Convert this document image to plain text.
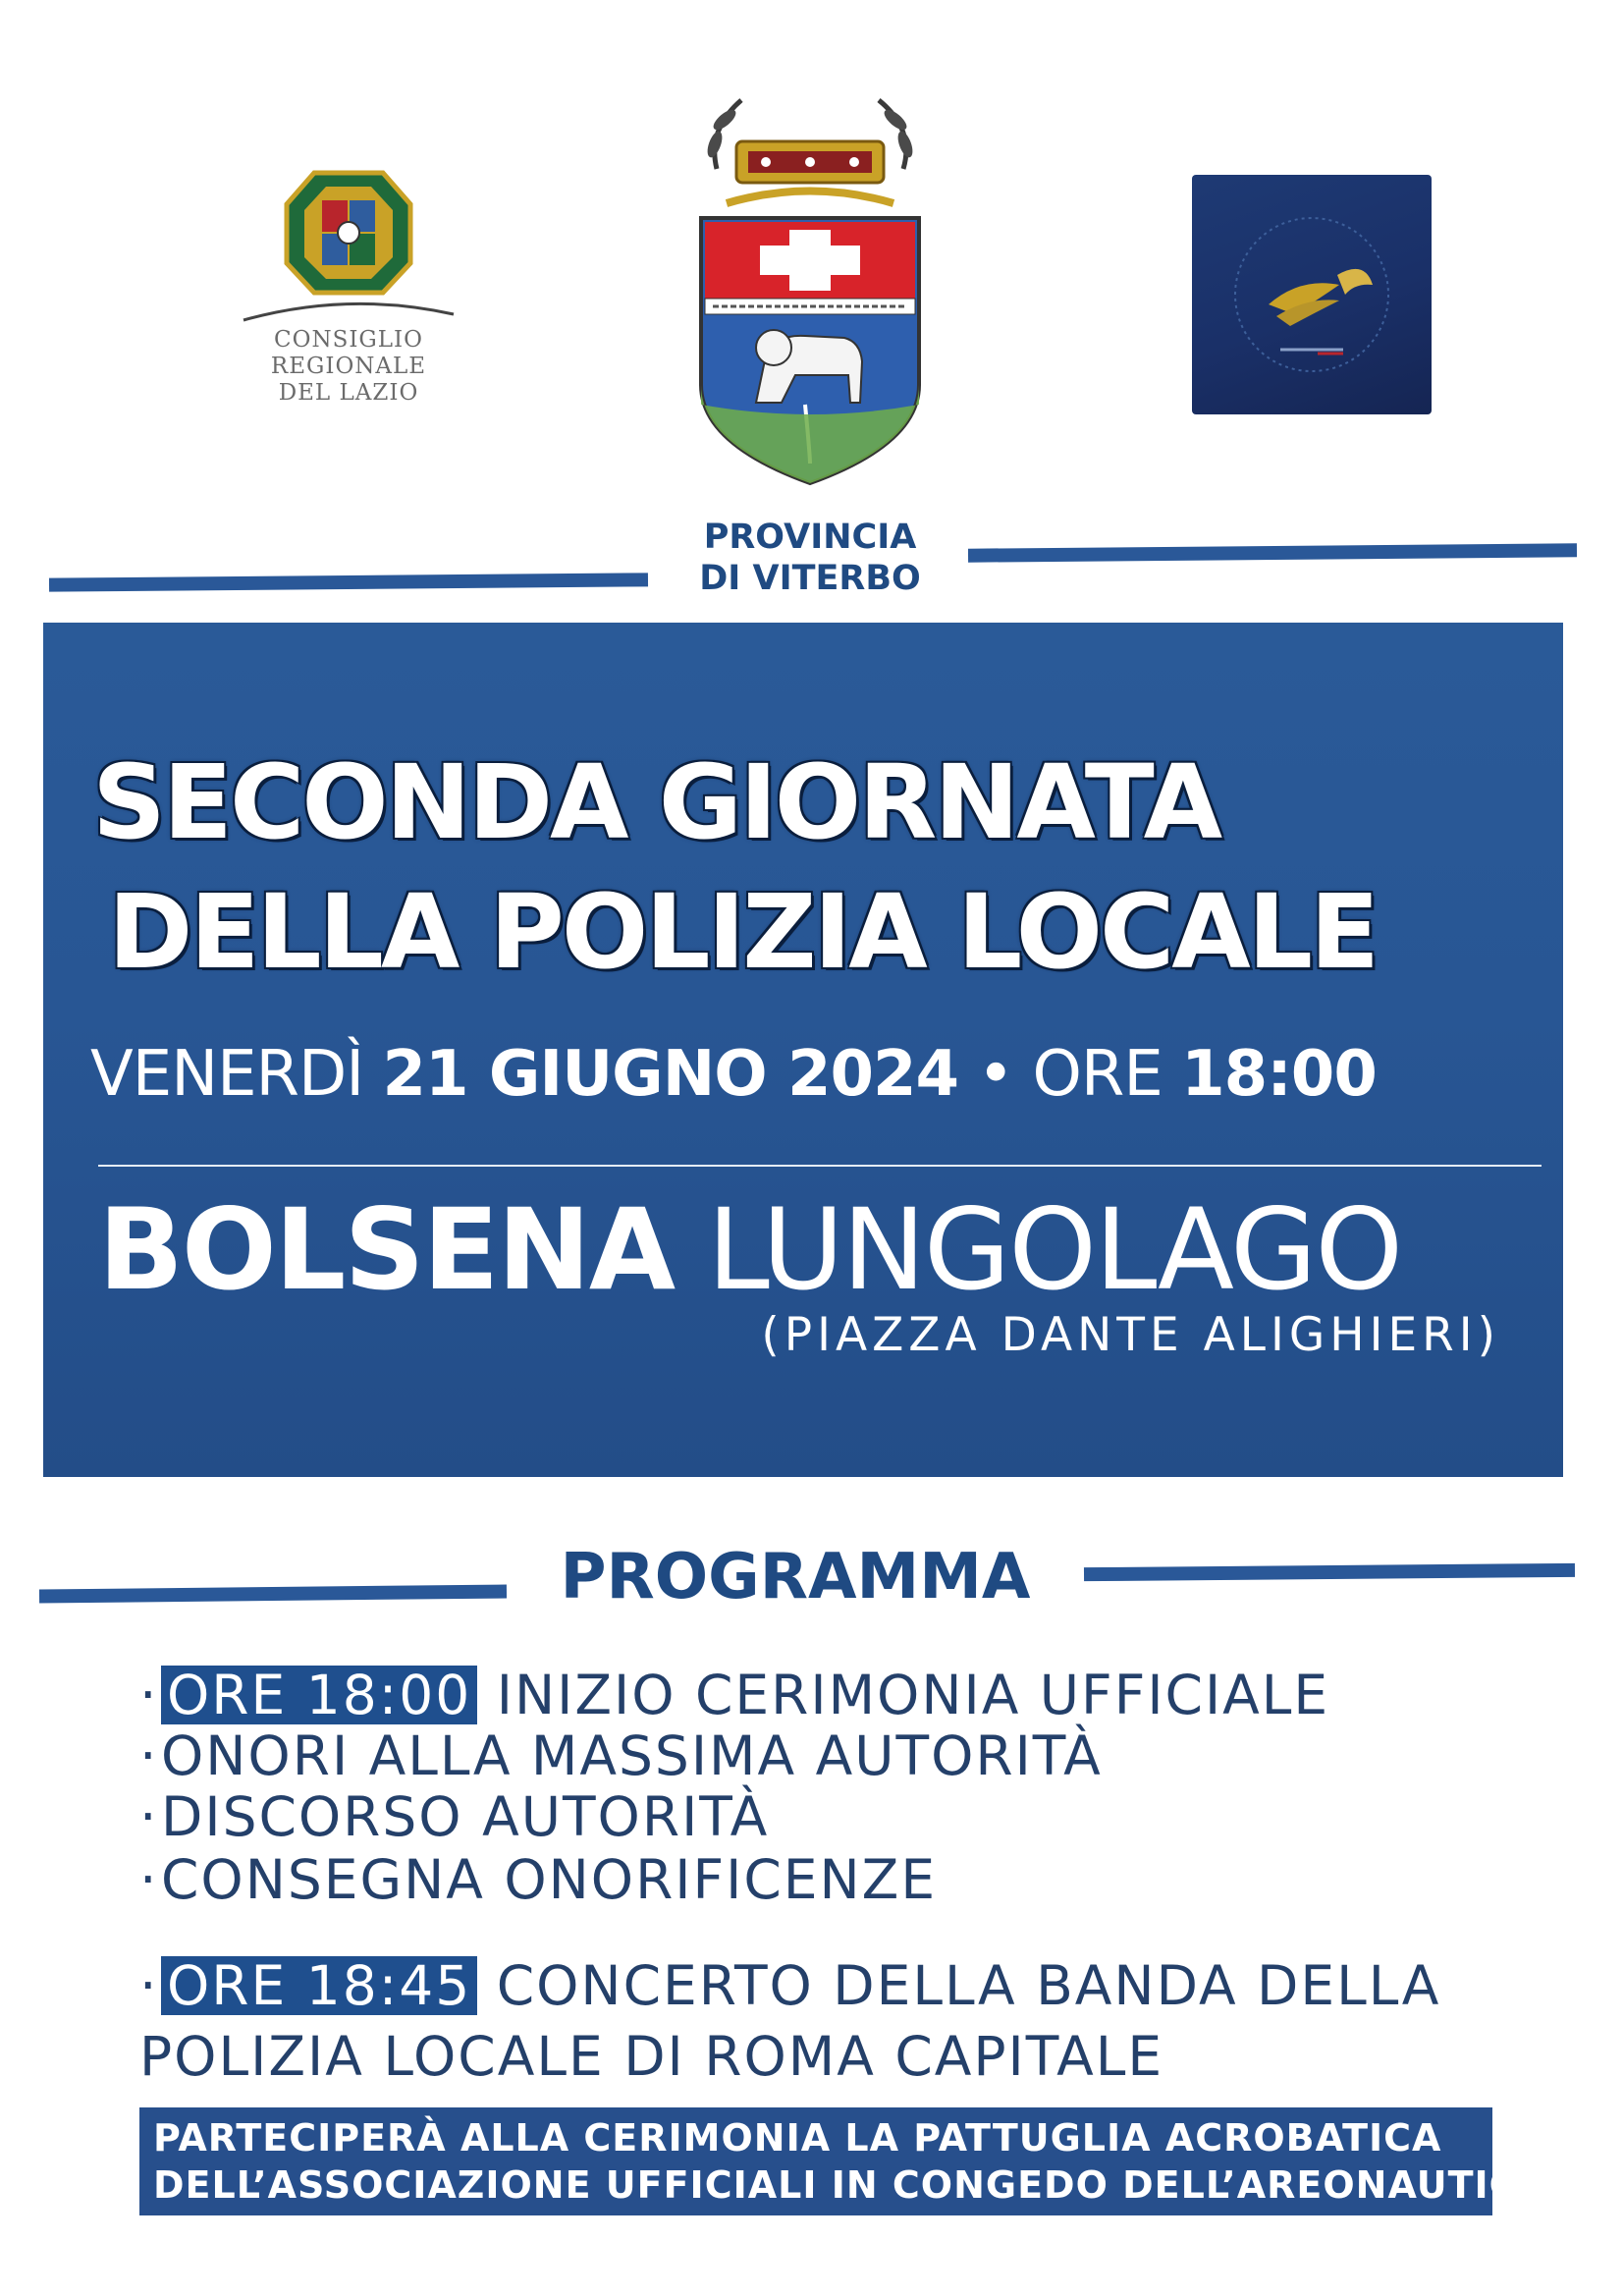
CONSIGLIO
REGIONALE
DEL LAZIO
PROVINCIA
DI VITERBO
SECONDA GIORNATA
DELLA POLIZIA LOCALE
VENERDÌ 21 GIUGNO 2024 • ORE 18:00
BOLSENA LUNGOLAGO
(PIAZZA DANTE ALIGHIERI)
PROGRAMMA
· ORE 18:00 INIZIO CERIMONIA UFFICIALE
·ONORI ALLA MASSIMA AUTORITÀ
·DISCORSO AUTORITÀ
·CONSEGNA ONORIFICENZE
· ORE 18:45 CONCERTO DELLA BANDA DELLA
POLIZIA LOCALE DI ROMA CAPITALE
PARTECIPERÀ ALLA CERIMONIA LA PATTUGLIA ACROBATICA
DELL’ASSOCIAZIONE UFFICIALI IN CONGEDO DELL’AREONAUTICA
